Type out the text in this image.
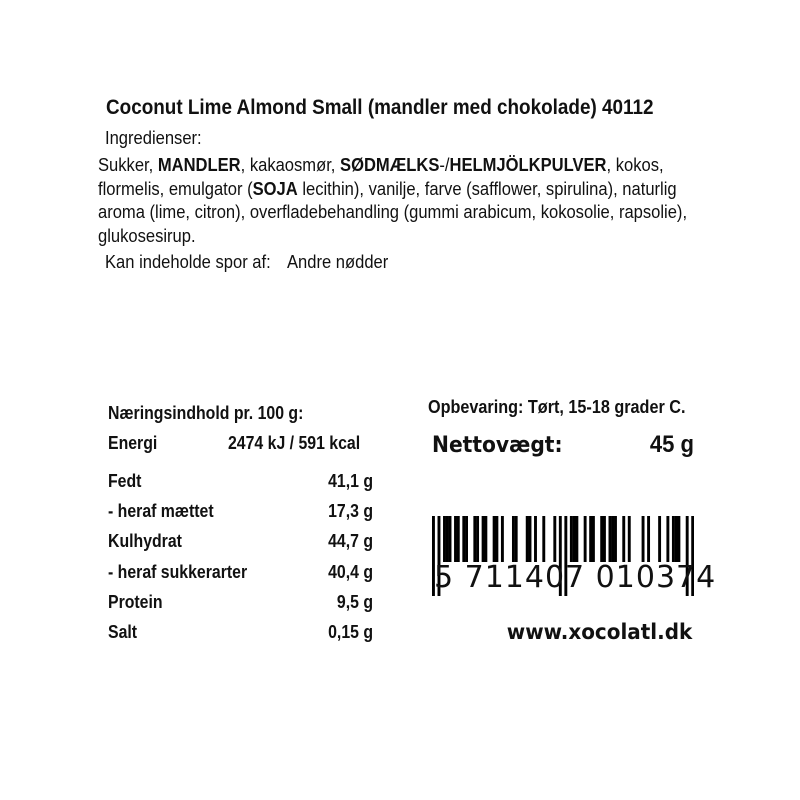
Coconut Lime Almond Small (mandler med chokolade) 40112
Ingredienser:
Sukker, MANDLER, kakaosmør, SØDMÆLKS-/HELMJÖLKPULVER, kokos,
flormelis, emulgator (SOJA lecithin), vanilje, farve (safflower, spirulina), naturlig
aroma (lime, citron), overfladebehandling (gummi arabicum, kokosolie, rapsolie),
glukosesirup.
Kan indeholde spor af: Andre nødder
Næringsindhold pr. 100 g:
Energi	2474 kJ / 591 kcal
Fedt	41,1 g
- heraf mættet	17,3 g
Kulhydrat	44,7 g
- heraf sukkerarter	40,4 g
Protein	9,5 g
Salt	0,15 g
Opbevaring: Tørt, 15-18 grader C.
Nettovægt:	45 g
5 711407 010374
www.xocolatl.dk
